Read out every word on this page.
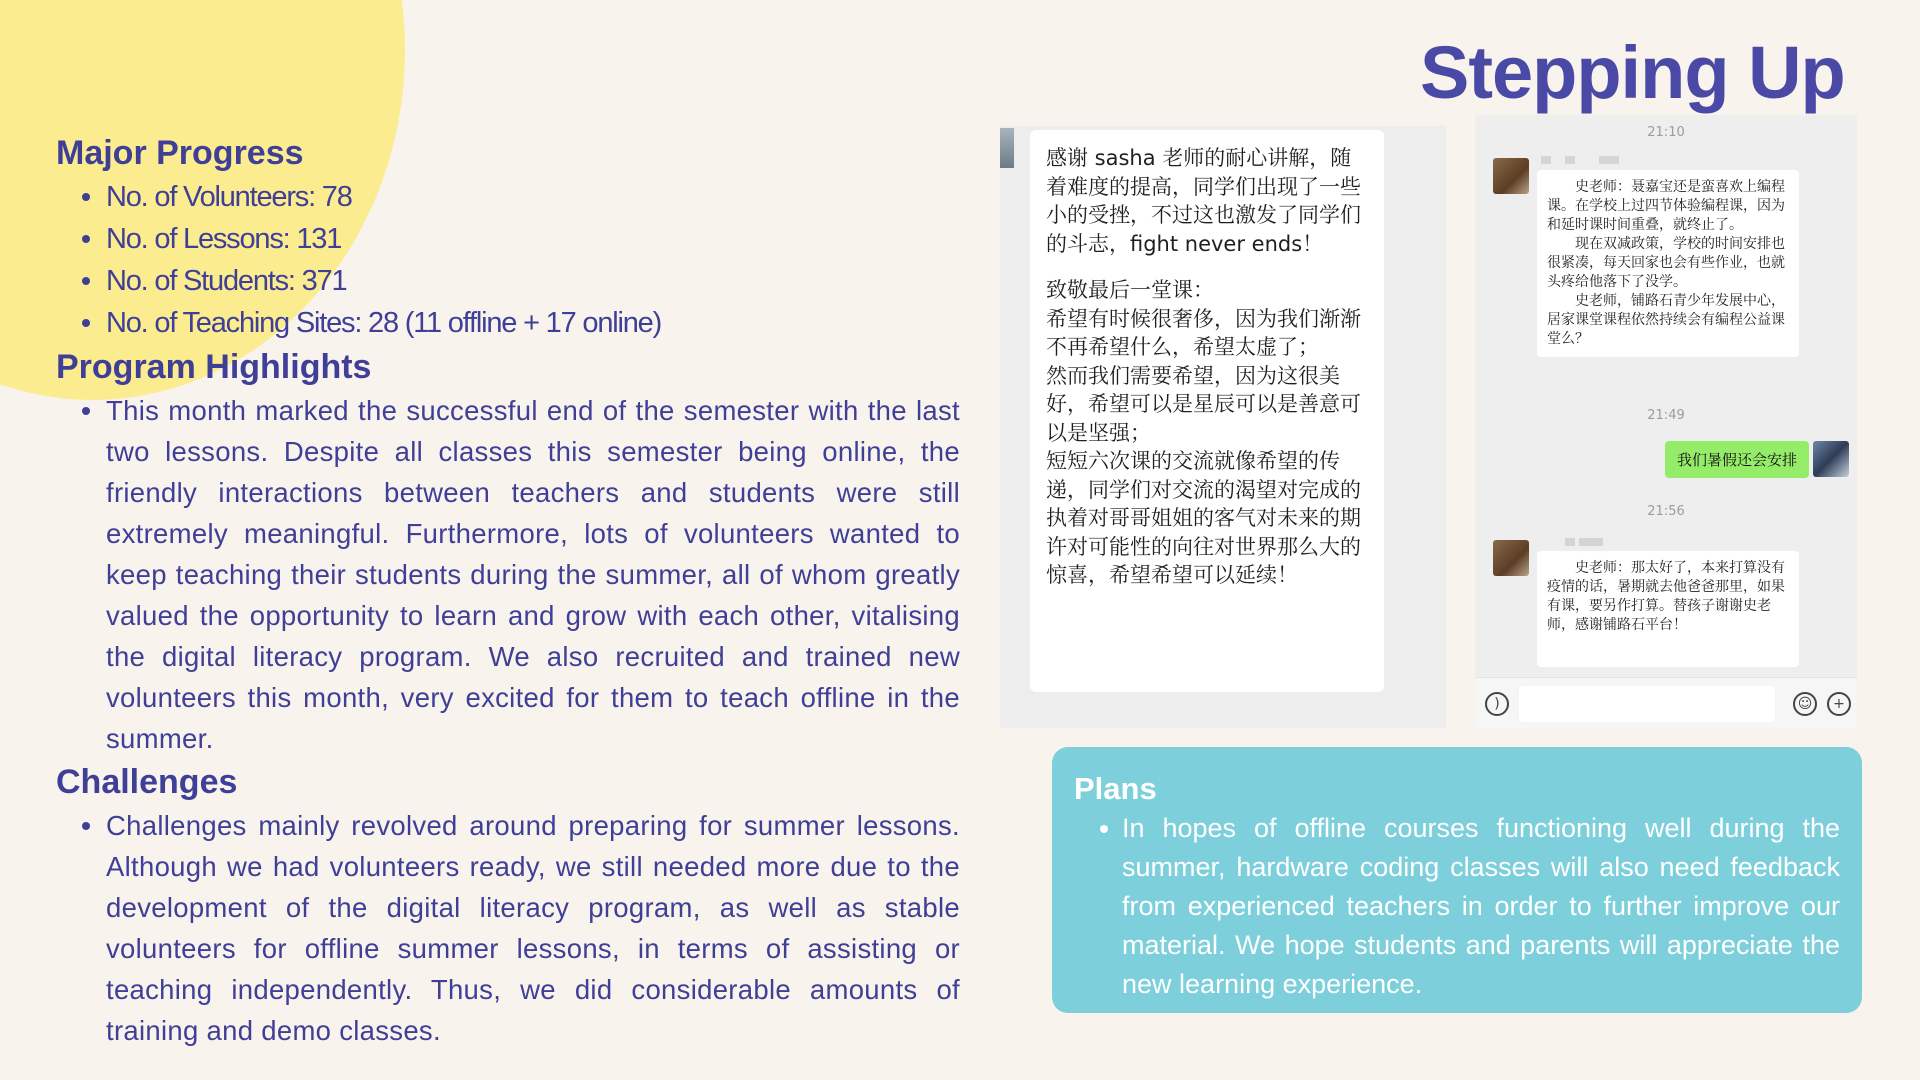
Stepping Up
Major Progress
No. of Volunteers: 78
No. of Lessons: 131
No. of Students: 371
No. of Teaching Sites: 28 (11 offline + 17 online)
Program Highlights
This month marked the successful end of the semester with the last two lessons. Despite all classes this semester being online, the friendly interactions between teachers and students were still extremely meaningful. Furthermore, lots of volunteers wanted to keep teaching their students during the summer, all of whom greatly valued the opportunity to learn and grow with each other, vitalising the digital literacy program. We also recruited and trained new volunteers this month, very excited for them to teach offline in the summer.
Challenges
Challenges mainly revolved around preparing for summer lessons. Although we had volunteers ready, we still needed more due to the development of the digital literacy program, as well as stable volunteers for offline summer lessons, in terms of assisting or teaching independently. Thus, we did considerable amounts of training and demo classes.
感谢 sasha 老师的耐心讲解，随着难度的提高，同学们出现了一些小的受挫，不过这也激发了同学们的斗志，fight never ends！
致敬最后一堂课：
希望有时候很奢侈，因为我们渐渐不再希望什么，希望太虚了；
然而我们需要希望，因为这很美好，希望可以是星辰可以是善意可以是坚强；
短短六次课的交流就像希望的传递，同学们对交流的渴望对完成的执着对哥哥姐姐的客气对未来的期许对可能性的向往对世界那么大的惊喜，希望希望可以延续！
21:10
史老师：聂嘉宝还是蛮喜欢上编程课。在学校上过四节体验编程课，因为和延时课时间重叠，就终止了。
现在双减政策，学校的时间安排也很紧凑，每天回家也会有些作业，也就头疼给他落下了没学。
史老师，铺路石青少年发展中心，居家课堂课程依然持续会有编程公益课堂么？
21:49
我们暑假还会安排
21:56
史老师：那太好了，本来打算没有疫情的话，暑期就去他爸爸那里，如果有课，要另作打算。替孩子谢谢史老师，感谢铺路石平台！
)	☺	+
Plans
In hopes of offline courses functioning well during the summer, hardware coding classes will also need feedback from experienced teachers in order to further improve our material. We hope students and parents will appreciate the new learning experience.
